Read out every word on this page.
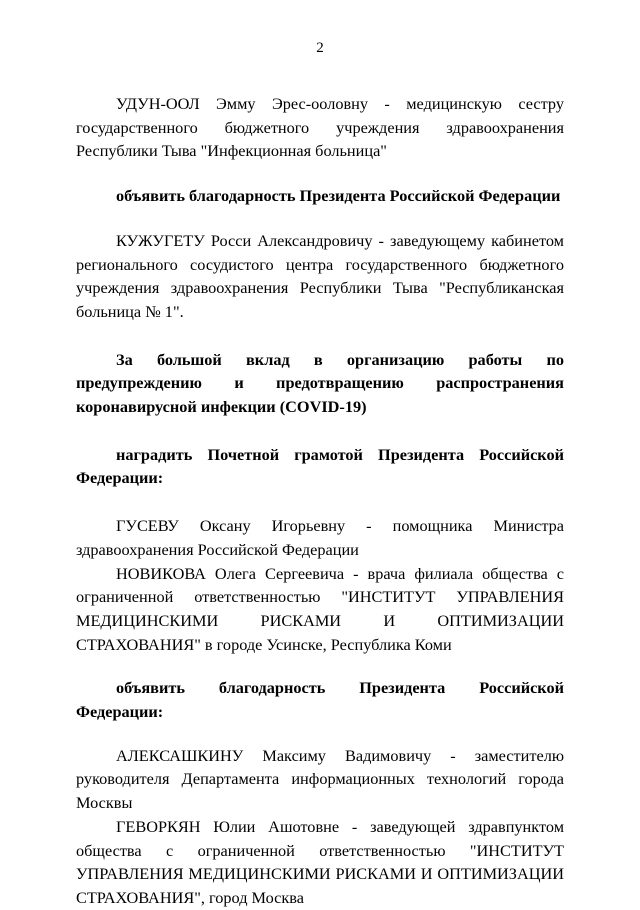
2

УДУН-ООЛ Эмму Эрес-ооловну - медицинскую сестру государственного бюджетного учреждения здравоохранения Республики Тыва "Инфекционная больница"

объявить благодарность Президента Российской Федерации

КУЖУГЕТУ Росси Александровичу - заведующему кабинетом регионального сосудистого центра государственного бюджетного учреждения здравоохранения Республики Тыва "Республиканская больница № 1".

За большой вклад в организацию работы по предупреждению и предотвращению распространения коронавирусной инфекции (COVID-19)

наградить Почетной грамотой Президента Российской Федерации:

ГУСЕВУ Оксану Игорьевну - помощника Министра здравоохранения Российской Федерации

НОВИКОВА Олега Сергеевича - врача филиала общества с ограниченной ответственностью "ИНСТИТУТ УПРАВЛЕНИЯ МЕДИЦИНСКИМИ РИСКАМИ И ОПТИМИЗАЦИИ СТРАХОВАНИЯ" в городе Усинске, Республика Коми

объявить благодарность Президента Российской Федерации:

АЛЕКСАШКИНУ Максиму Вадимовичу - заместителю руководителя Департамента информационных технологий города Москвы

ГЕВОРКЯН Юлии Ашотовне - заведующей здравпунктом общества с ограниченной ответственностью "ИНСТИТУТ УПРАВЛЕНИЯ МЕДИЦИНСКИМИ РИСКАМИ И ОПТИМИЗАЦИИ СТРАХОВАНИЯ", город Москва
